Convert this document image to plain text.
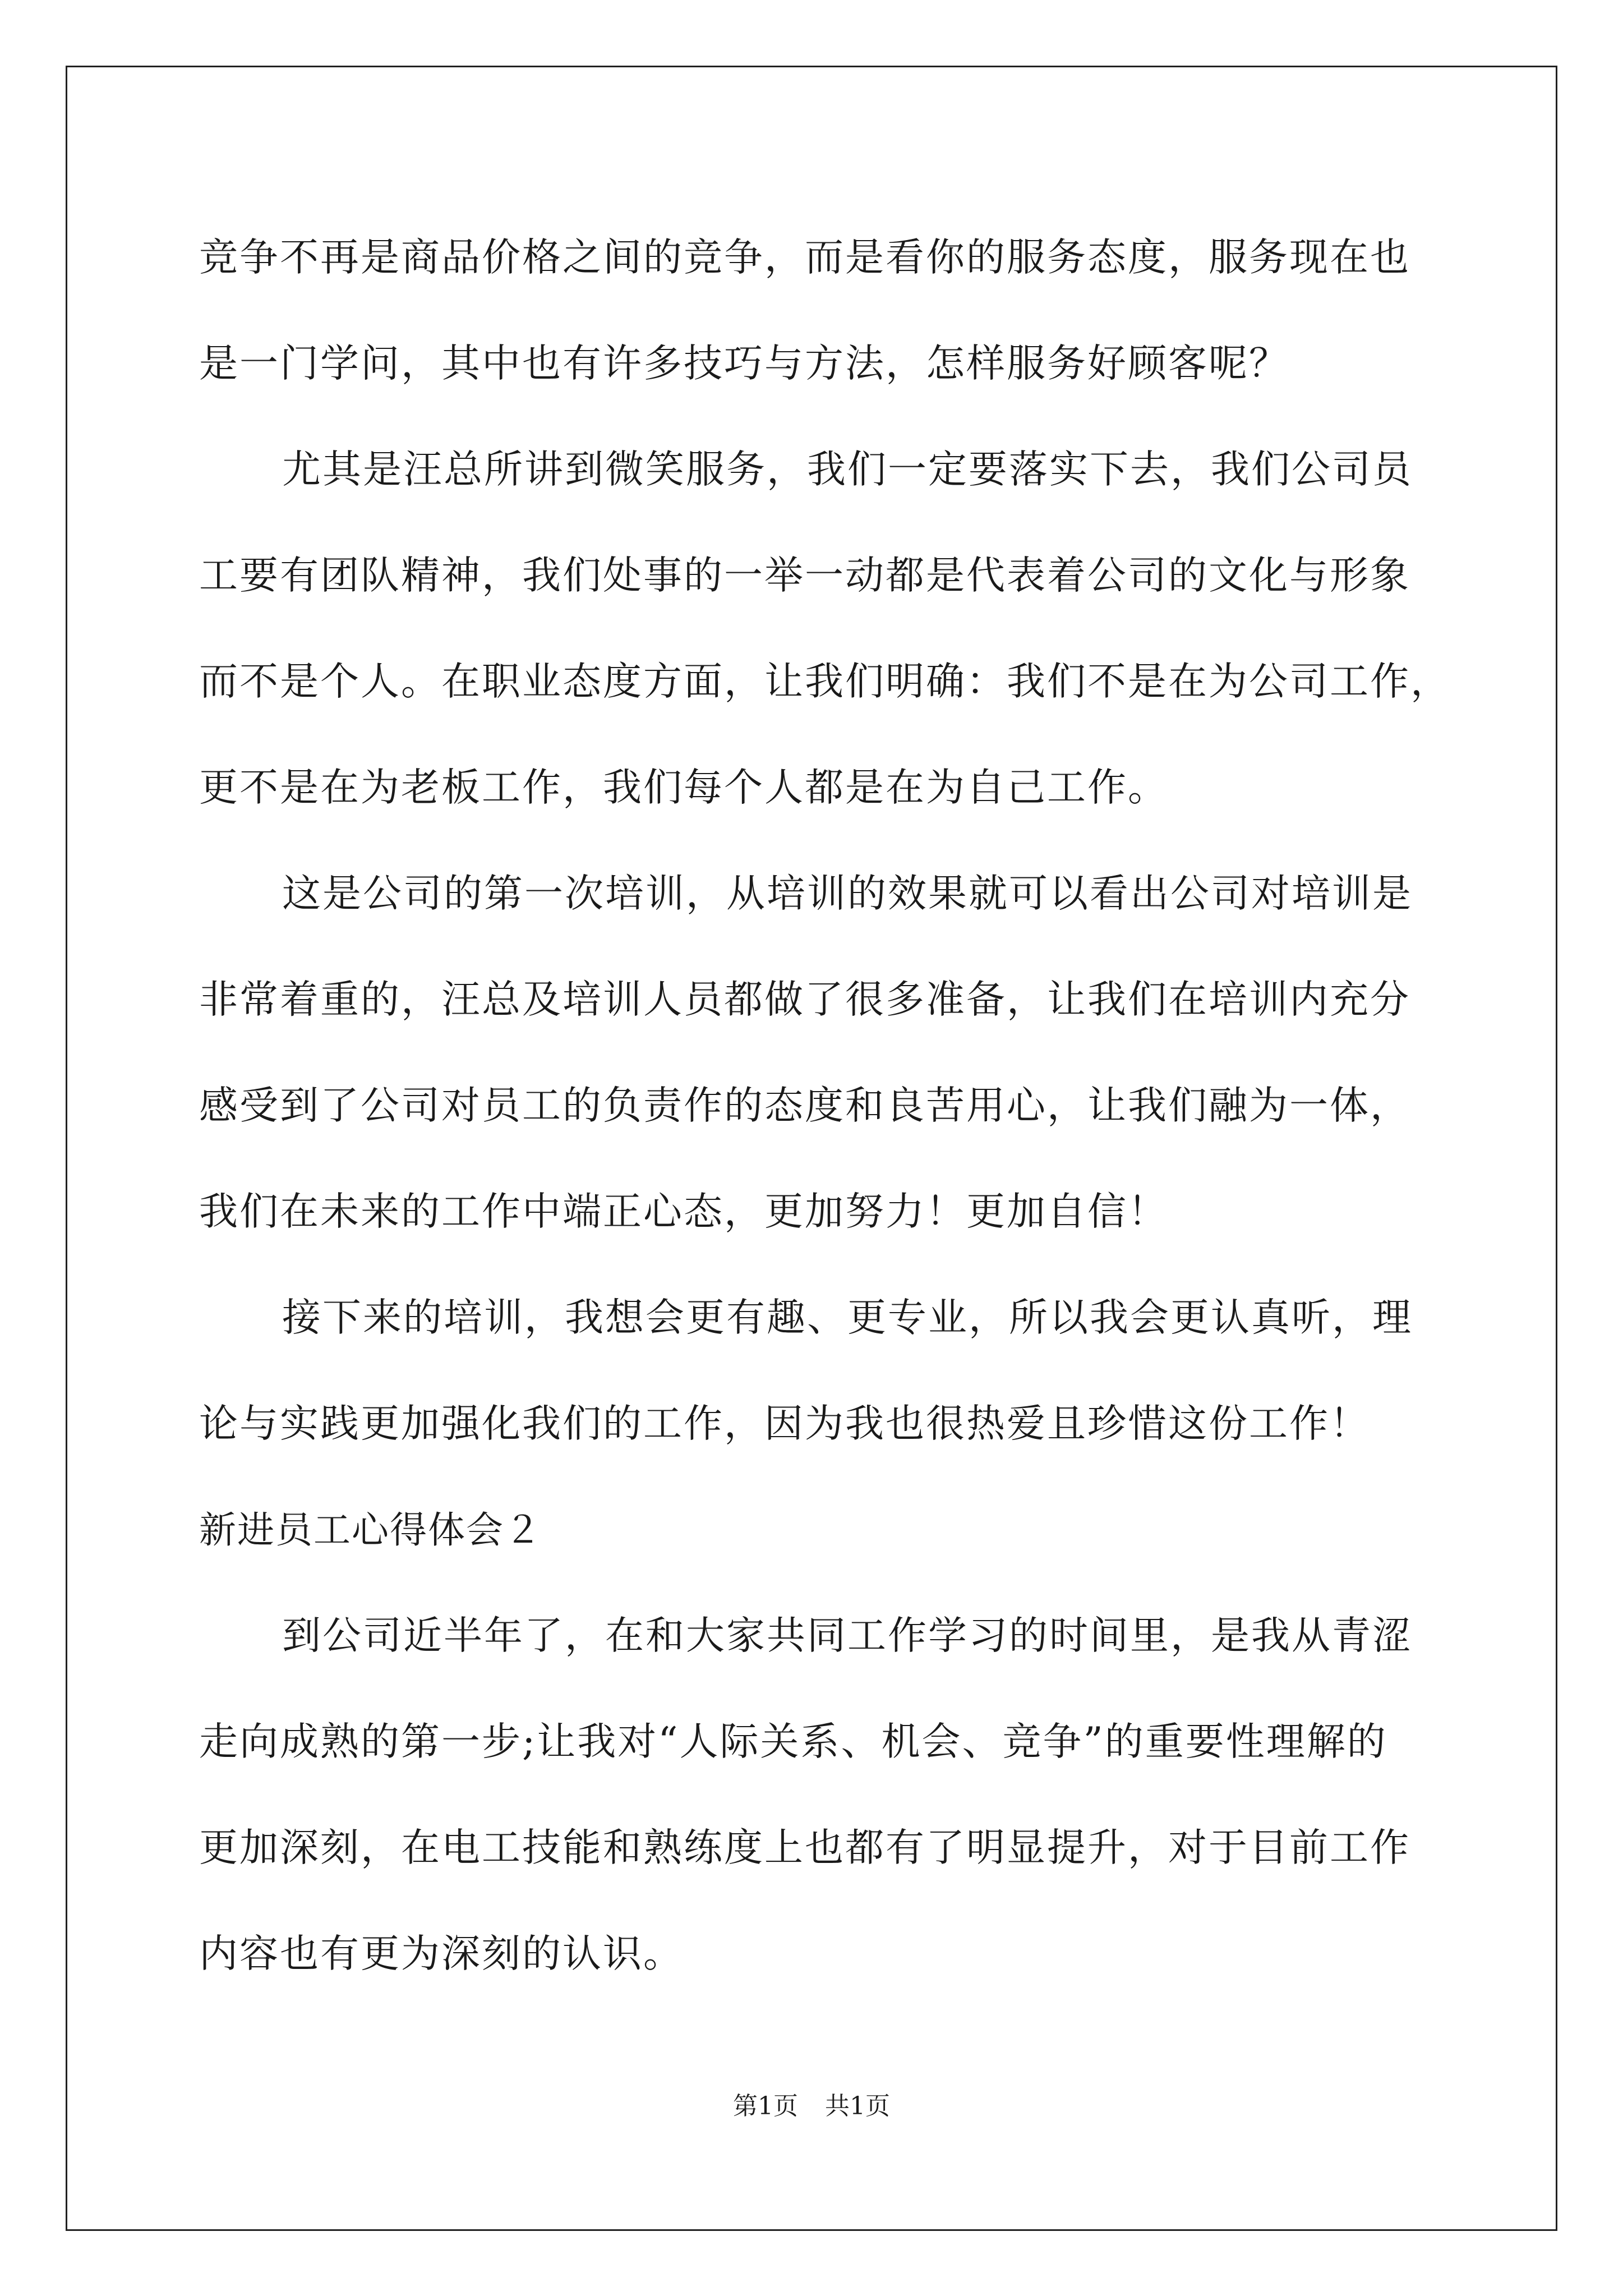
竞争不再是商品价格之间的竞争，而是看你的服务态度，服务现在也
是一门学问，其中也有许多技巧与方法，怎样服务好顾客呢？
尤其是汪总所讲到微笑服务，我们一定要落实下去，我们公司员
工要有团队精神，我们处事的一举一动都是代表着公司的文化与形象
而不是个人。在职业态度方面，让我们明确：我们不是在为公司工作，
更不是在为老板工作，我们每个人都是在为自己工作。
这是公司的第一次培训，从培训的效果就可以看出公司对培训是
非常着重的，汪总及培训人员都做了很多准备，让我们在培训内充分
感受到了公司对员工的负责作的态度和良苦用心，让我们融为一体，
我们在未来的工作中端正心态，更加努力！更加自信！
接下来的培训，我想会更有趣、更专业，所以我会更认真听，理
论与实践更加强化我们的工作，因为我也很热爱且珍惜这份工作！
新进员工心得体会２
到公司近半年了，在和大家共同工作学习的时间里，是我从青涩
走向成熟的第一步;让我对“人际关系、机会、竞争”的重要性理解的
更加深刻，在电工技能和熟练度上也都有了明显提升，对于目前工作
内容也有更为深刻的认识。
第1页 共1页
